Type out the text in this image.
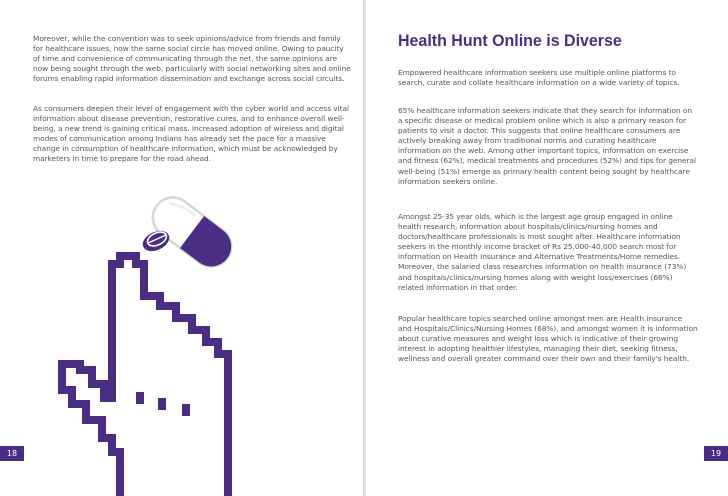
Moreover, while the convention was to seek opinions/advice from friends and family for healthcare issues, now the same social circle has moved online. Owing to paucity of time and convenience of communicating through the net, the same opinions are now being sought through the web, particularly with social networking sites and online forums enabling rapid information dissemination and exchange across social circuits.

As consumers deepen their level of engagement with the cyber world and access vital information about disease prevention, restorative cures, and to enhance overall well-being, a new trend is gaining critical mass. Increased adoption of wireless and digital modes of communication among Indians has already set the pace for a massive change in consumption of healthcare information, which must be acknowledged by marketers in time to prepare for the road ahead.

18
Health Hunt Online is Diverse

Empowered healthcare information seekers use multiple online platforms to search, curate and collate healthcare information on a wide variety of topics.

65% healthcare information seekers indicate that they search for information on a specific disease or medical problem online which is also a primary reason for patients to visit a doctor. This suggests that online healthcare consumers are actively breaking away from traditional norms and curating healthcare information on the web. Among other important topics, information on exercise and fitness (62%), medical treatments and procedures (52%) and tips for general well-being (51%) emerge as primary health content being sought by healthcare information seekers online.

Amongst 25-35 year olds, which is the largest age group engaged in online health research, information about hospitals/clinics/nursing homes and doctors/healthcare professionals is most sought after. Healthcare information seekers in the monthly income bracket of Rs 25,000-40,000 search most for information on Health Insurance and Alternative Treatments/Home remedies. Moreover, the salaried class researches information on health insurance (73%) and hospitals/clinics/nursing homes along with weight loss/exercises (66%) related information in that order.

Popular healthcare topics searched online amongst men are Health insurance and Hospitals/Clinics/Nursing Homes (68%), and amongst women it is information about curative measures and weight loss which is indicative of their growing interest in adopting healthier lifestyles, managing their diet, seeking fitness, wellness and overall greater command over their own and their family's health.

19
